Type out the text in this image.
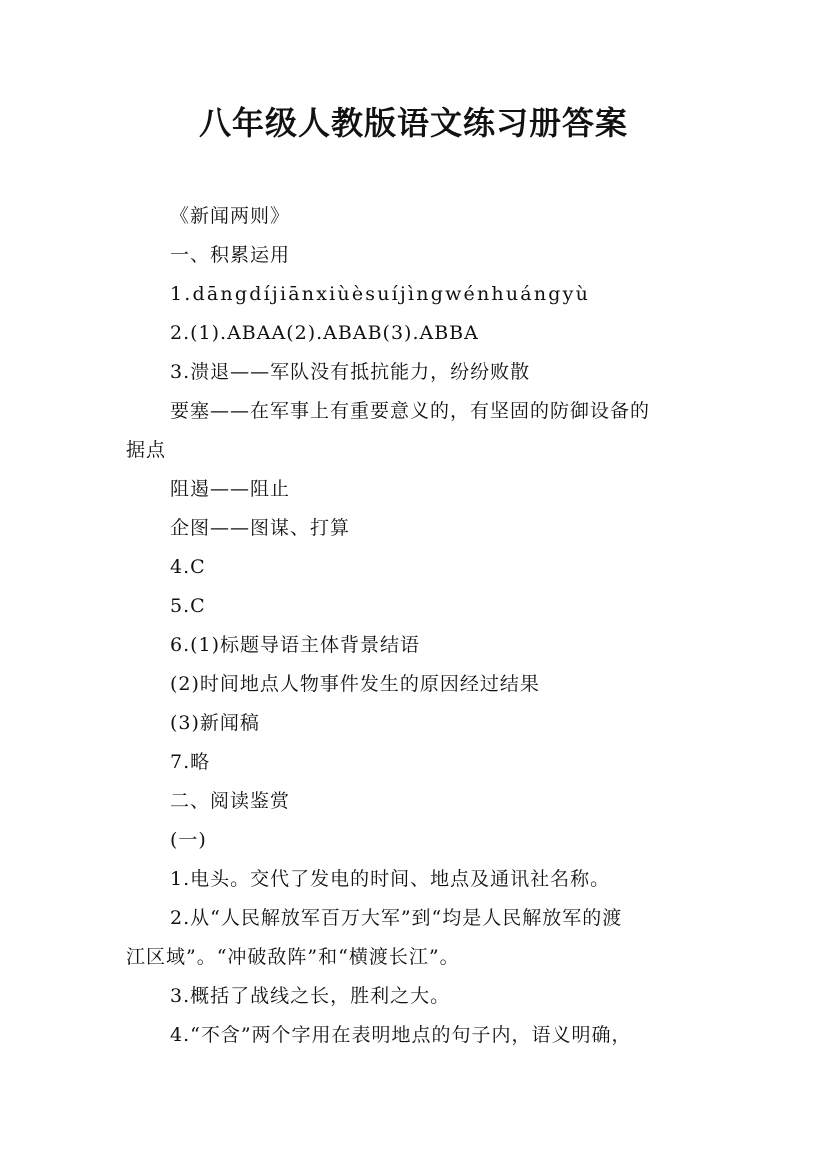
八年级人教版语文练习册答案
《新闻两则》
一、积累运用
1.dāngdíjiānxiùèsuíjìngwénhuángyù
2.(1).ABAA(2).ABAB(3).ABBA
3.溃退——军队没有抵抗能力，纷纷败散
要塞——在军事上有重要意义的，有坚固的防御设备的
据点
阻遏——阻止
企图——图谋、打算
4.C
5.C
6.(1)标题导语主体背景结语
(2)时间地点人物事件发生的原因经过结果
(3)新闻稿
7.略
二、阅读鉴赏
(一)
1.电头。交代了发电的时间、地点及通讯社名称。
2.从“人民解放军百万大军”到“均是人民解放军的渡
江区域”。“冲破敌阵”和“横渡长江”。
3.概括了战线之长，胜利之大。
4.“不含”两个字用在表明地点的句子内，语义明确，
